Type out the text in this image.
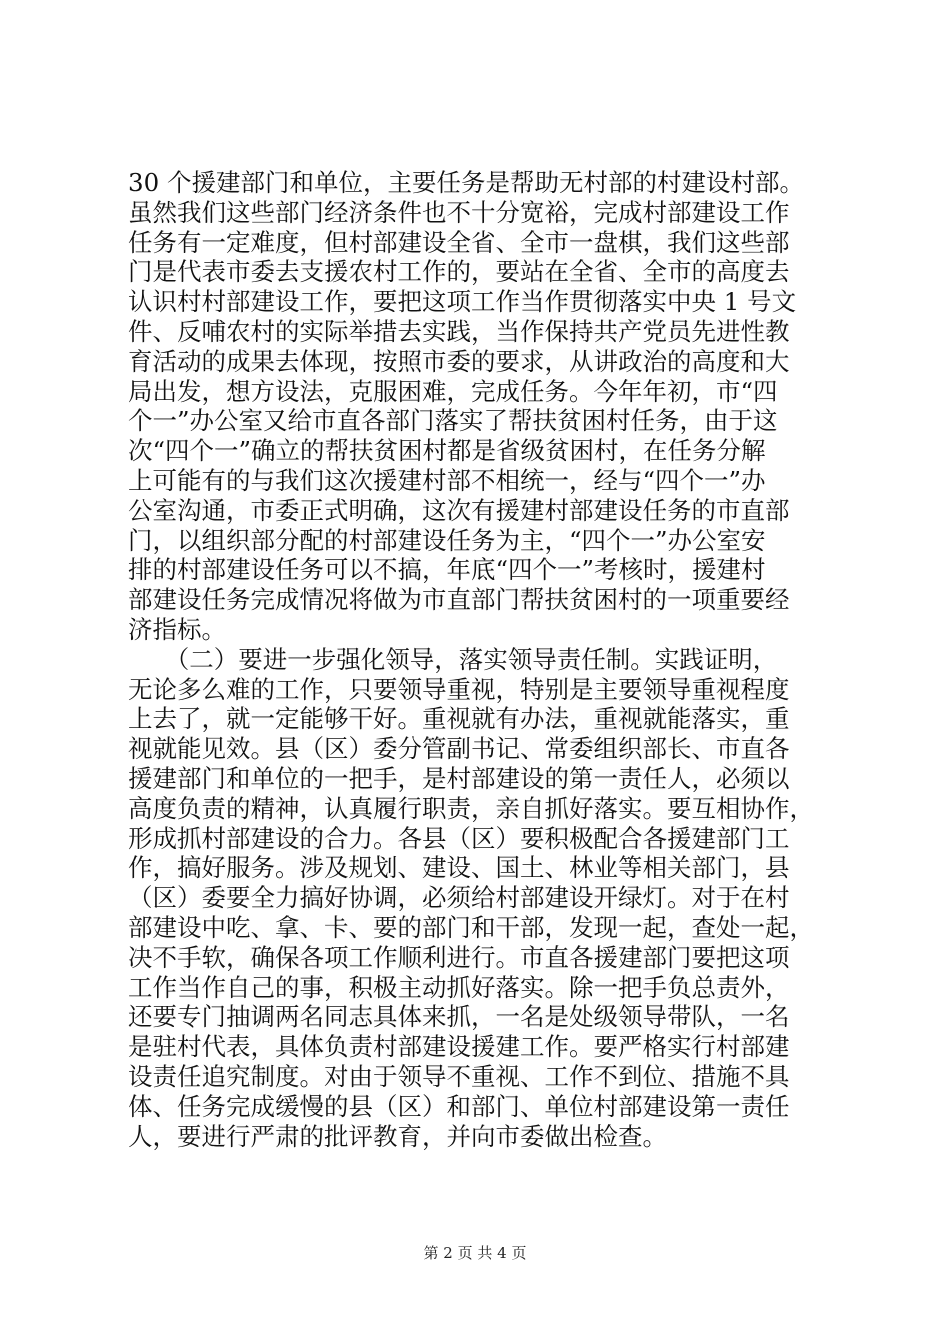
30 个援建部门和单位，主要任务是帮助无村部的村建设村部。
虽然我们这些部门经济条件也不十分宽裕，完成村部建设工作
任务有一定难度，但村部建设全省、全市一盘棋，我们这些部
门是代表市委去支援农村工作的，要站在全省、全市的高度去
认识村村部建设工作，要把这项工作当作贯彻落实中央 1 号文
件、反哺农村的实际举措去实践，当作保持共产党员先进性教
育活动的成果去体现，按照市委的要求，从讲政治的高度和大
局出发，想方设法，克服困难，完成任务。今年年初，市“四
个一”办公室又给市直各部门落实了帮扶贫困村任务，由于这
次“四个一”确立的帮扶贫困村都是省级贫困村，在任务分解
上可能有的与我们这次援建村部不相统一，经与“四个一”办
公室沟通，市委正式明确，这次有援建村部建设任务的市直部
门，以组织部分配的村部建设任务为主，“四个一”办公室安
排的村部建设任务可以不搞，年底“四个一”考核时，援建村
部建设任务完成情况将做为市直部门帮扶贫困村的一项重要经
济指标。
　　（二）要进一步强化领导，落实领导责任制。实践证明，
无论多么难的工作，只要领导重视，特别是主要领导重视程度
上去了，就一定能够干好。重视就有办法，重视就能落实，重
视就能见效。县（区）委分管副书记、常委组织部长、市直各
援建部门和单位的一把手，是村部建设的第一责任人，必须以
高度负责的精神，认真履行职责，亲自抓好落实。要互相协作，
形成抓村部建设的合力。各县（区）要积极配合各援建部门工
作，搞好服务。涉及规划、建设、国土、林业等相关部门，县
（区）委要全力搞好协调，必须给村部建设开绿灯。对于在村
部建设中吃、拿、卡、要的部门和干部，发现一起，查处一起，
决不手软，确保各项工作顺利进行。市直各援建部门要把这项
工作当作自己的事，积极主动抓好落实。除一把手负总责外，
还要专门抽调两名同志具体来抓，一名是处级领导带队，一名
是驻村代表，具体负责村部建设援建工作。要严格实行村部建
设责任追究制度。对由于领导不重视、工作不到位、措施不具
体、任务完成缓慢的县（区）和部门、单位村部建设第一责任
人，要进行严肃的批评教育，并向市委做出检查。
第 2 页 共 4 页
